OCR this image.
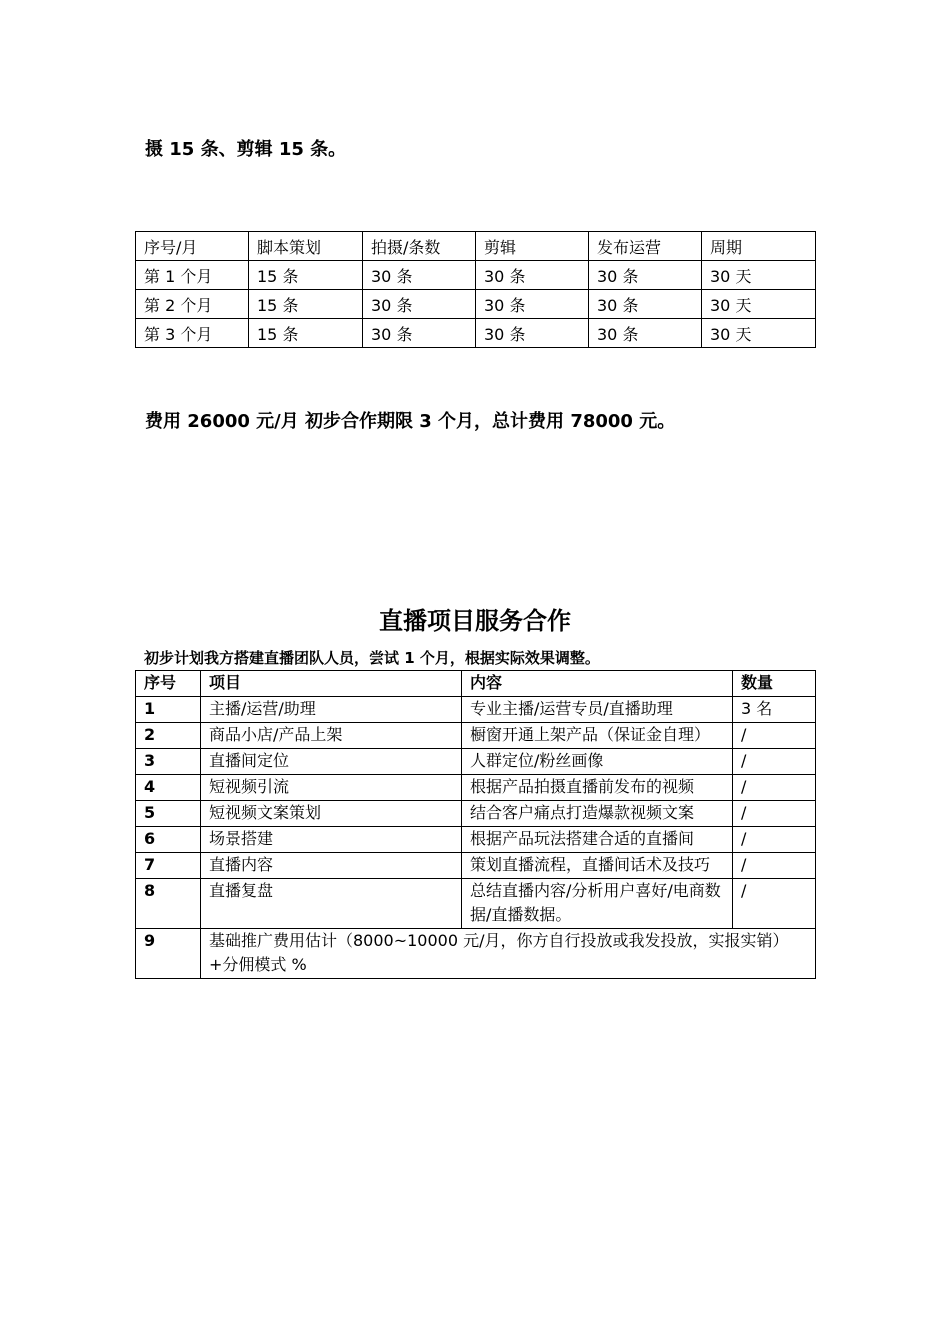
摄 15 条、剪辑 15 条。
序号/月	脚本策划	拍摄/条数	剪辑	发布运营	周期
第 1 个月	15 条	30 条	30 条	30 条	30 天
第 2 个月	15 条	30 条	30 条	30 条	30 天
第 3 个月	15 条	30 条	30 条	30 条	30 天
费用 26000 元/月 初步合作期限 3 个月，总计费用 78000 元。
直播项目服务合作
初步计划我方搭建直播团队人员，尝试 1 个月，根据实际效果调整。
序号	项目	内容	数量
1	主播/运营/助理	专业主播/运营专员/直播助理	3 名
2	商品小店/产品上架	橱窗开通上架产品（保证金自理）	/
3	直播间定位	人群定位/粉丝画像	/
4	短视频引流	根据产品拍摄直播前发布的视频	/
5	短视频文案策划	结合客户痛点打造爆款视频文案	/
6	场景搭建	根据产品玩法搭建合适的直播间	/
7	直播内容	策划直播流程，直播间话术及技巧	/
8	直播复盘	总结直播内容/分析用户喜好/电商数据/直播数据。	/
9	基础推广费用估计（8000~10000 元/月，你方自行投放或我发投放，实报实销）+分佣模式 %		
